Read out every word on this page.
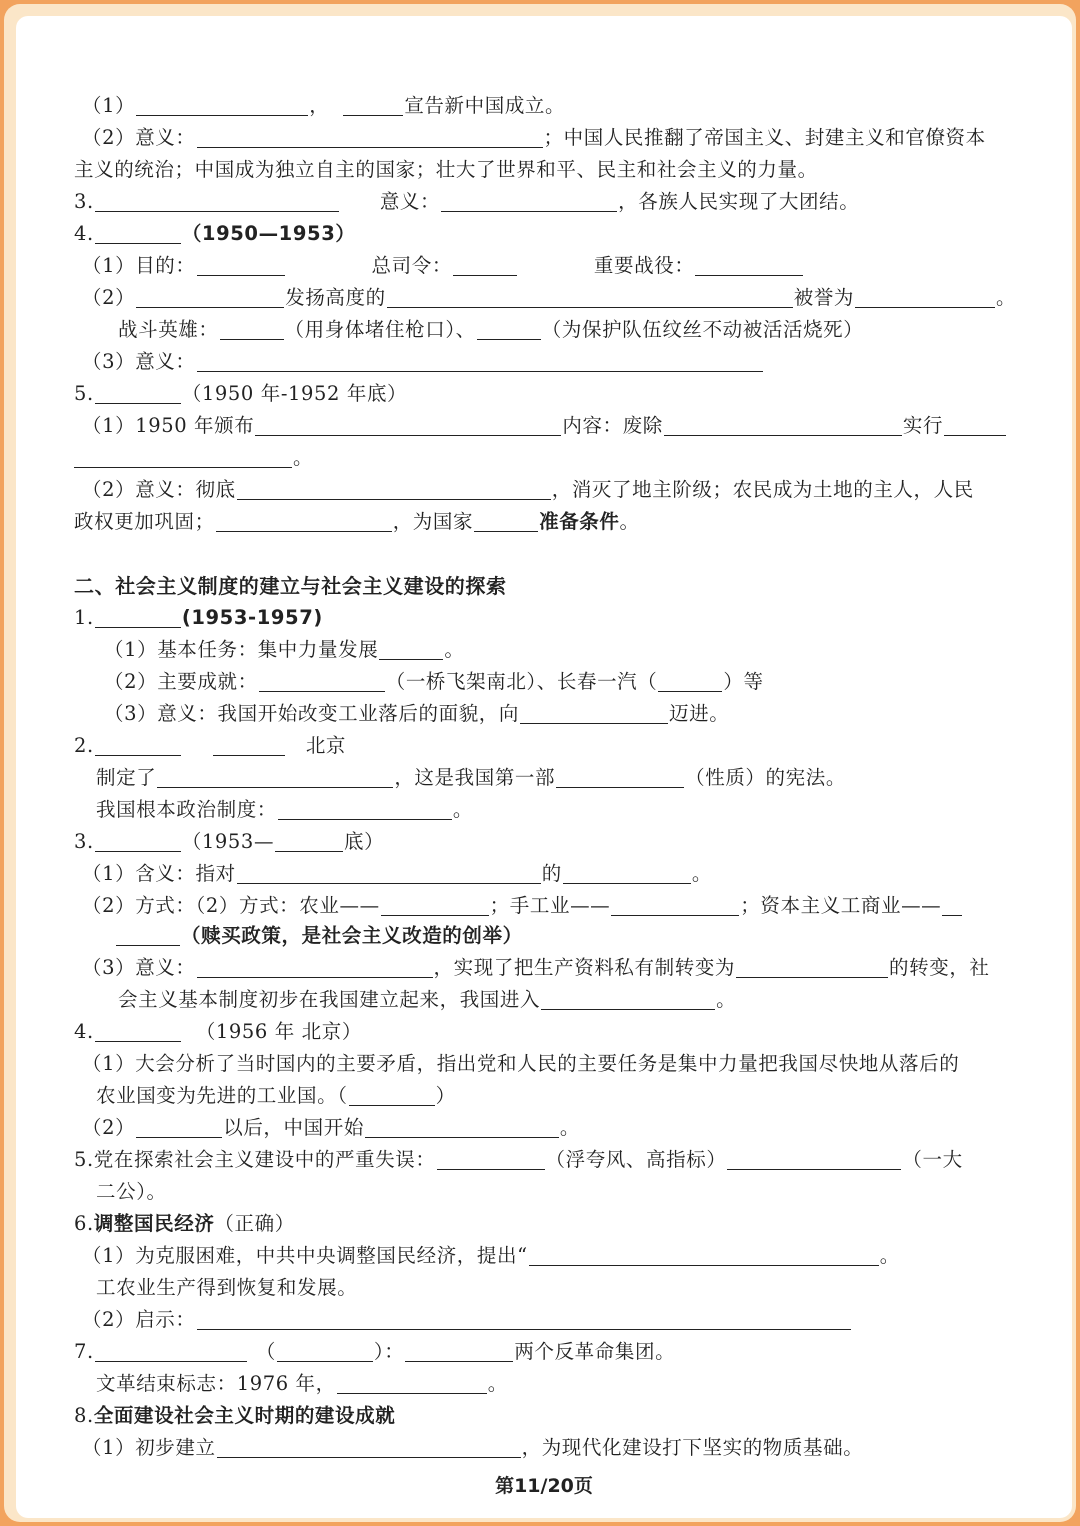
（1）	，	宣告新中国成立。
（2）意义：	；中国人民推翻了帝国主义、封建主义和官僚资本
主义的统治；中国成为独立自主的国家；壮大了世界和平、民主和社会主义的力量。
3.	意义：	，各族人民实现了大团结。
4.	（1950—1953）
（1）目的：	总司令：	重要战役：
（2）	发扬高度的	被誉为	。
战斗英雄：	（用身体堵住枪口）、	（为保护队伍纹丝不动被活活烧死）
（3）意义：
5.	（1950 年-1952 年底）
（1）1950 年颁布	内容：废除	实行
。
（2）意义：彻底	，消灭了地主阶级；农民成为土地的主人，人民
政权更加巩固；	，为国家	准备条件。
二、社会主义制度的建立与社会主义建设的探索
1.	(1953-1957)
（1）基本任务：集中力量发展	。
（2）主要成就：	（一桥飞架南北）、长春一汽（	）等
（3）意义：我国开始改变工业落后的面貌，向	迈进。
2.	北京
制定了	，这是我国第一部	（性质）的宪法。
我国根本政治制度：	。
3.	（1953—	底）
（1）含义：指对	的	。
（2）方式：（2）方式：农业——	；手工业——	；资本主义工商业——
（赎买政策，是社会主义改造的创举）
（3）意义：	，实现了把生产资料私有制转变为	的转变，社
会主义基本制度初步在我国建立起来，我国进入	。
4.	（1956 年 北京）
（1）大会分析了当时国内的主要矛盾，指出党和人民的主要任务是集中力量把我国尽快地从落后的
农业国变为先进的工业国。（	）
（2）	以后，中国开始	。
5.党在探索社会主义建设中的严重失误：	（浮夸风、高指标）	（一大
二公）。
6.调整国民经济（正确）
（1）为克服困难，中共中央调整国民经济，提出“	。
工农业生产得到恢复和发展。
（2）启示：
7.	（	）：	两个反革命集团。
文革结束标志：1976 年，	。
8.全面建设社会主义时期的建设成就
（1）初步建立	，为现代化建设打下坚实的物质基础。
第11/20页
